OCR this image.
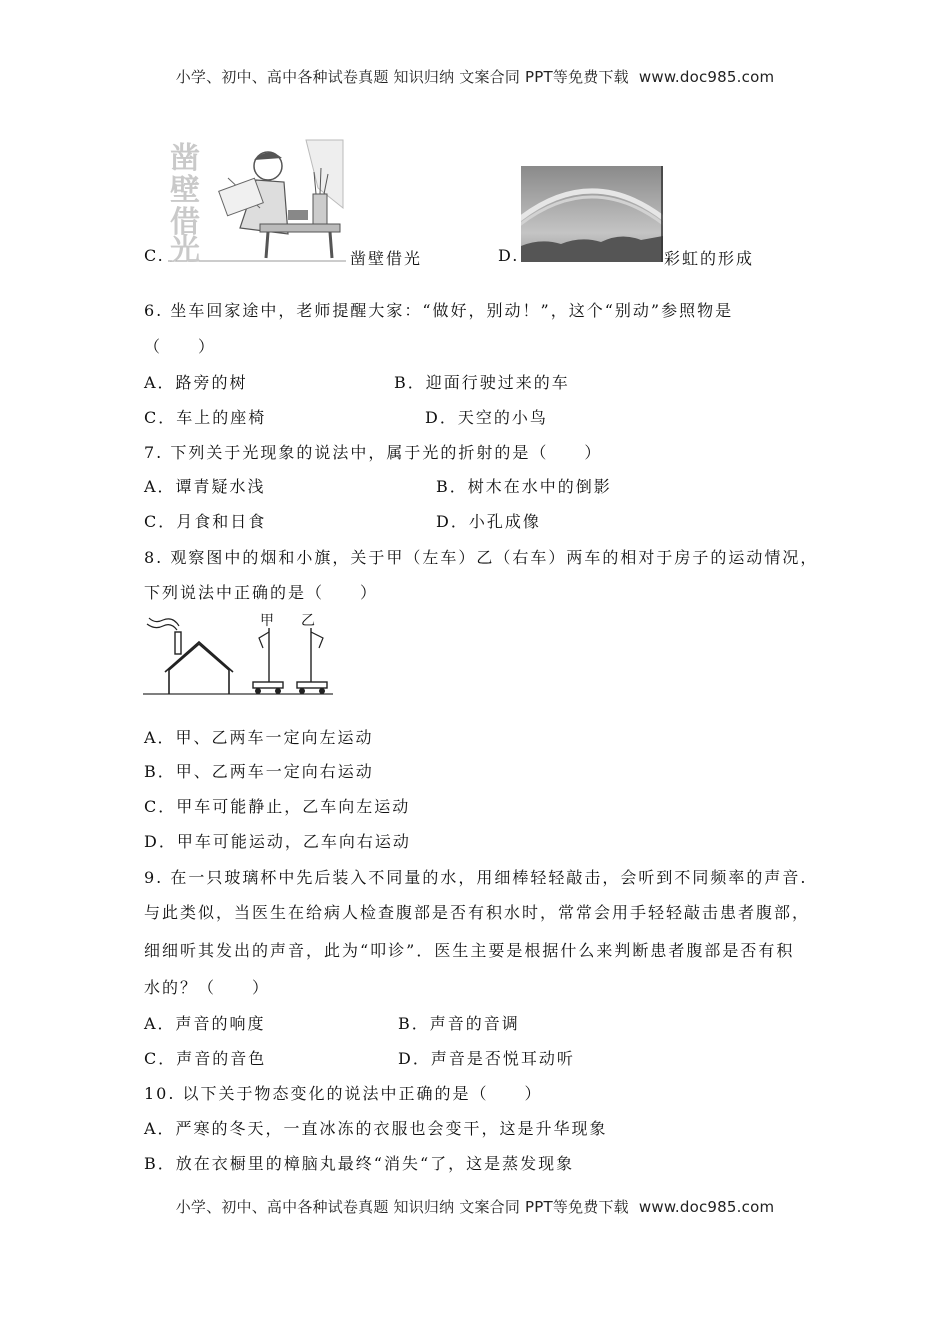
小学、初中、高中各种试卷真题 知识归纳 文案合同 PPT等免费下载 www.doc985.com
C.
凿
壁
借
光	凿壁借光	D.	彩虹的形成
6. 坐车回家途中，老师提醒大家：“做好，别动！”，这个“别动”参照物是
（　　）
A．路旁的树	B．迎面行驶过来的车
C．车上的座椅	D．天空的小鸟
7. 下列关于光现象的说法中，属于光的折射的是（　　）
A．谭青疑水浅	B．树木在水中的倒影
C．月食和日食	D．小孔成像
8. 观察图中的烟和小旗，关于甲（左车）乙（右车）两车的相对于房子的运动情况，
下列说法中正确的是（　　）
甲 乙
A．甲、乙两车一定向左运动
B．甲、乙两车一定向右运动
C．甲车可能静止，乙车向左运动
D．甲车可能运动，乙车向右运动
9. 在一只玻璃杯中先后装入不同量的水，用细棒轻轻敲击，会听到不同频率的声音.
与此类似，当医生在给病人检查腹部是否有积水时，常常会用手轻轻敲击患者腹部，
细细听其发出的声音，此为“叩诊”．医生主要是根据什么来判断患者腹部是否有积
水的？（　　）
A．声音的响度	B．声音的音调
C．声音的音色	D．声音是否悦耳动听
10. 以下关于物态变化的说法中正确的是（　　）
A．严寒的冬天，一直冰冻的衣服也会变干，这是升华现象
B．放在衣橱里的樟脑丸最终“消失“了，这是蒸发现象
小学、初中、高中各种试卷真题 知识归纳 文案合同 PPT等免费下载 www.doc985.com
